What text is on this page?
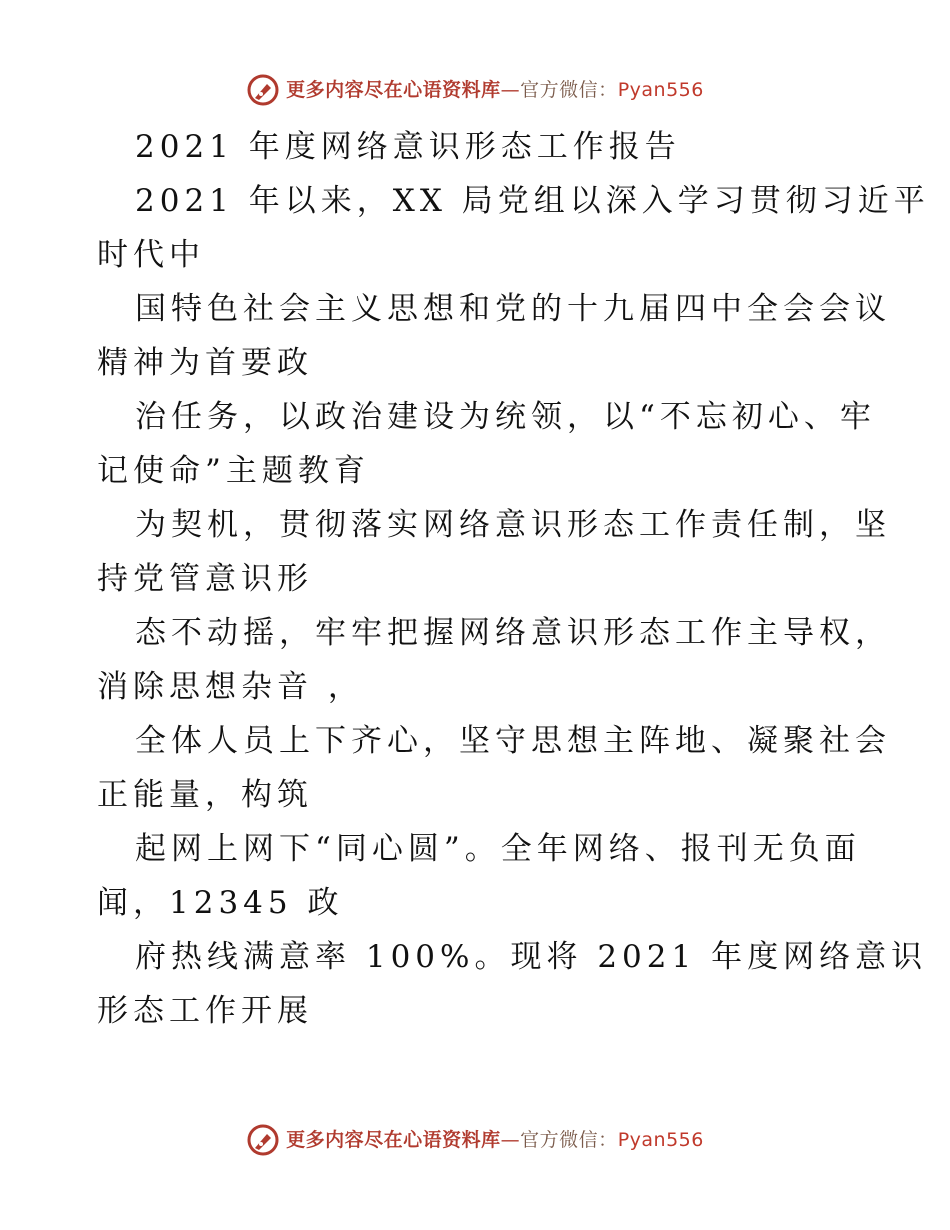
更多内容尽在心语资料库—官方微信：Pyan556
2021 年度网络意识形态工作报告
2021 年以来，XX 局党组以深入学习贯彻习近平
时代中
国特色社会主义思想和党的十九届四中全会会议
精神为首要政
治任务，以政治建设为统领，以“不忘初心、牢
记使命”主题教育
为契机，贯彻落实网络意识形态工作责任制，坚
持党管意识形
态不动摇，牢牢把握网络意识形态工作主导权，
消除思想杂音 ，
全体人员上下齐心，坚守思想主阵地、凝聚社会
正能量，构筑
起网上网下“同心圆”。全年网络、报刊无负面
闻，12345 政
府热线满意率 100%。现将 2021 年度网络意识
形态工作开展
更多内容尽在心语资料库—官方微信：Pyan556
